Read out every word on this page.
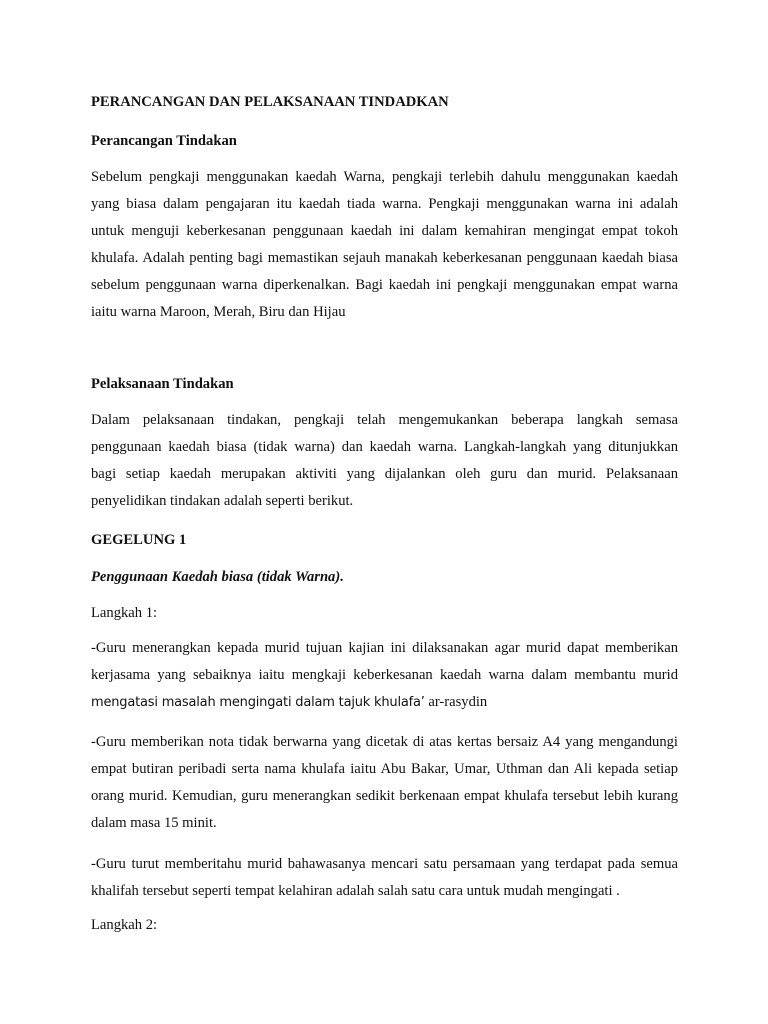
PERANCANGAN DAN PELAKSANAAN TINDADKAN

Perancangan Tindakan

Sebelum pengkaji menggunakan kaedah Warna, pengkaji terlebih dahulu menggunakan kaedah
yang biasa dalam pengajaran itu kaedah tiada warna. Pengkaji menggunakan warna ini adalah
untuk menguji keberkesanan penggunaan kaedah ini dalam kemahiran mengingat empat tokoh
khulafa. Adalah penting bagi memastikan sejauh manakah keberkesanan penggunaan kaedah biasa
sebelum penggunaan warna diperkenalkan. Bagi kaedah ini pengkaji menggunakan empat warna
iaitu warna Maroon, Merah, Biru dan Hijau

Pelaksanaan Tindakan

Dalam pelaksanaan tindakan, pengkaji telah mengemukankan beberapa langkah semasa
penggunaan kaedah biasa (tidak warna) dan kaedah warna. Langkah-langkah yang ditunjukkan
bagi setiap kaedah merupakan aktiviti yang dijalankan oleh guru dan murid. Pelaksanaan
penyelidikan tindakan adalah seperti berikut.

GEGELUNG 1

Penggunaan Kaedah biasa (tidak Warna).

Langkah 1:

-Guru menerangkan kepada murid tujuan kajian ini dilaksanakan agar murid dapat memberikan
kerjasama yang sebaiknya iaitu mengkaji keberkesanan kaedah warna dalam membantu murid
mengatasi masalah mengingati dalam tajuk khulafa’ ar-rasydin
-Guru memberikan nota tidak berwarna yang dicetak di atas kertas bersaiz A4 yang mengandungi
empat butiran peribadi serta nama khulafa iaitu Abu Bakar, Umar, Uthman dan Ali kepada setiap
orang murid. Kemudian, guru menerangkan sedikit berkenaan empat khulafa tersebut lebih kurang
dalam masa 15 minit.
-Guru turut memberitahu murid bahawasanya mencari satu persamaan yang terdapat pada semua
khalifah tersebut seperti tempat kelahiran adalah salah satu cara untuk mudah mengingati .

Langkah 2:
